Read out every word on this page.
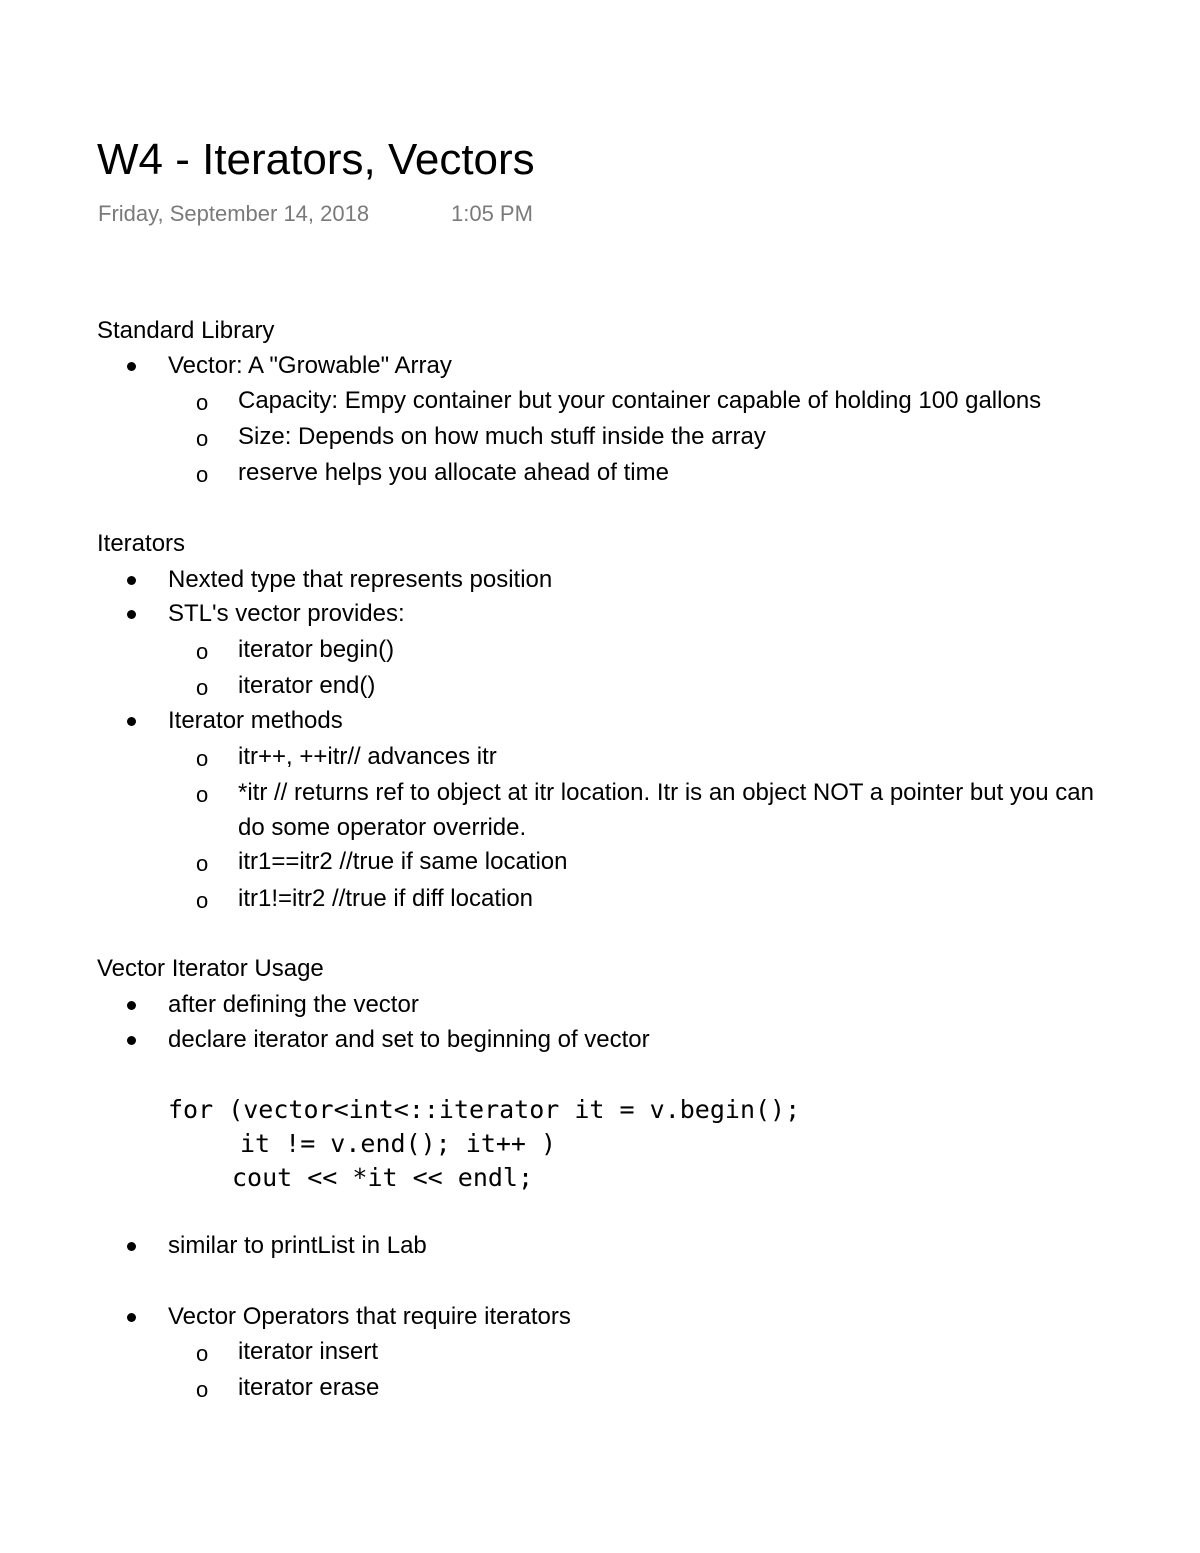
W4 - Iterators, Vectors
Friday, September 14, 2018	1:05 PM
Standard Library
Vector: A "Growable" Array
o Capacity: Empy container but your container capable of holding 100 gallons
o Size: Depends on how much stuff inside the array
o reserve helps you allocate ahead of time
Iterators
Nexted type that represents position
STL's vector provides:
o iterator begin()
o iterator end()
Iterator methods
o itr++, ++itr// advances itr
o *itr // returns ref to object at itr location. Itr is an object NOT a pointer but you can
do some operator override.
o itr1==itr2 //true if same location
o itr1!=itr2 //true if diff location
Vector Iterator Usage
after defining the vector
declare iterator and set to beginning of vector
for (vector<int<::iterator it = v.begin();
it != v.end(); it++ )
cout << *it << endl;
similar to printList in Lab
Vector Operators that require iterators
o iterator insert
o iterator erase
